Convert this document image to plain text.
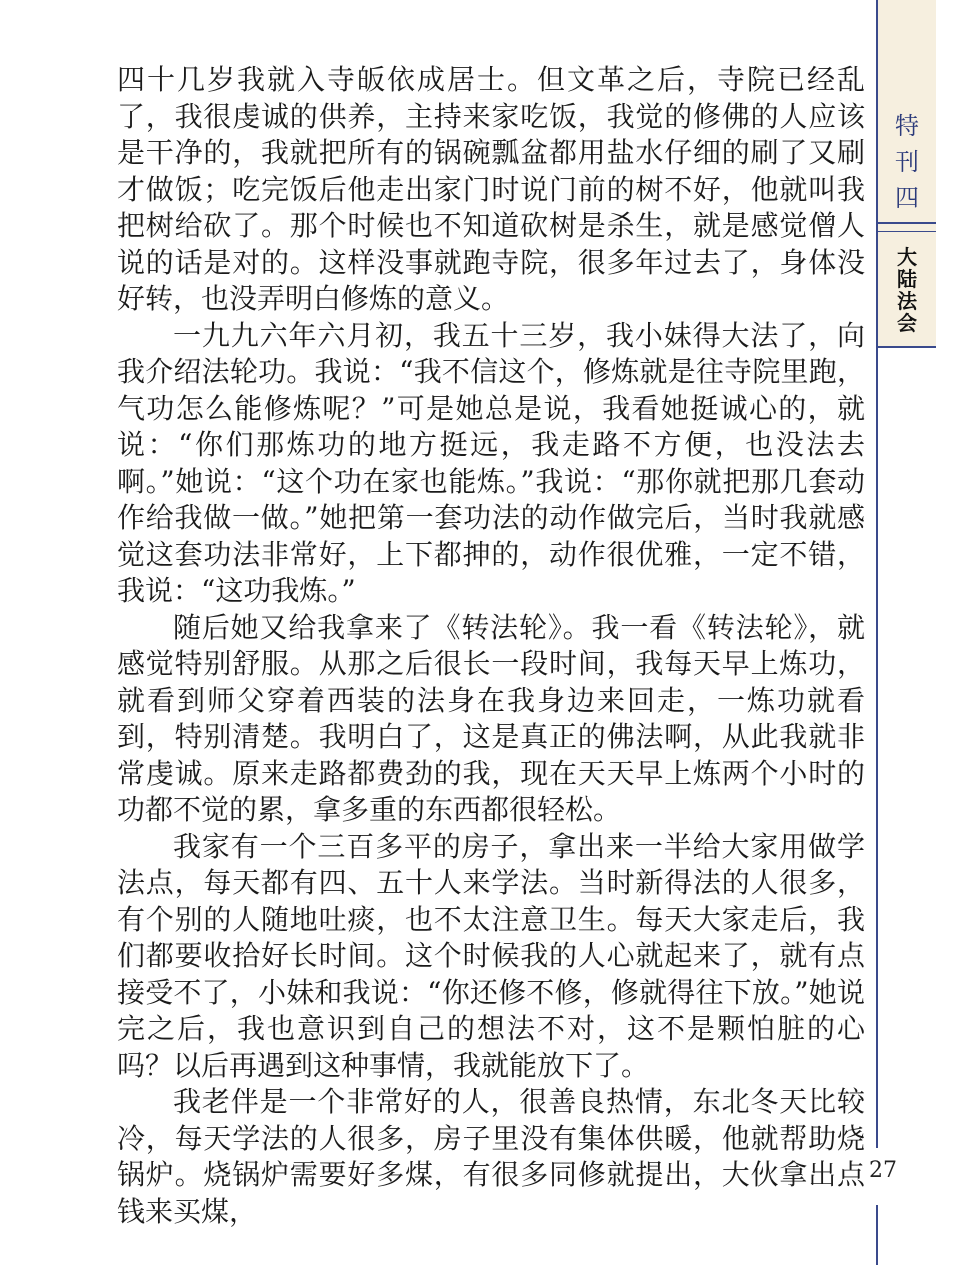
四十几岁我就入寺皈依成居士。但文革之后，寺院已经乱了，我很虔诚的供养，主持来家吃饭，我觉的修佛的人应该是干净的，我就把所有的锅碗瓢盆都用盐水仔细的刷了又刷才做饭；吃完饭后他走出家门时说门前的树不好，他就叫我把树给砍了。那个时候也不知道砍树是杀生，就是感觉僧人说的话是对的。这样没事就跑寺院，很多年过去了，身体没好转，也没弄明白修炼的意义。

一九九六年六月初，我五十三岁，我小妹得大法了，向我介绍法轮功。我说：“我不信这个，修炼就是往寺院里跑，气功怎么能修炼呢？”可是她总是说，我看她挺诚心的，就说：“你们那炼功的地方挺远，我走路不方便，也没法去啊。”她说：“这个功在家也能炼。”我说：“那你就把那几套动作给我做一做。”她把第一套功法的动作做完后，当时我就感觉这套功法非常好，上下都抻的，动作很优雅，一定不错，我说：“这功我炼。”

随后她又给我拿来了《转法轮》。我一看《转法轮》，就感觉特别舒服。从那之后很长一段时间，我每天早上炼功，就看到师父穿着西装的法身在我身边来回走，一炼功就看到，特别清楚。我明白了，这是真正的佛法啊，从此我就非常虔诚。原来走路都费劲的我，现在天天早上炼两个小时的功都不觉的累，拿多重的东西都很轻松。

我家有一个三百多平的房子，拿出来一半给大家用做学法点，每天都有四、五十人来学法。当时新得法的人很多，有个别的人随地吐痰，也不太注意卫生。每天大家走后，我们都要收拾好长时间。这个时候我的人心就起来了，就有点接受不了，小妹和我说：“你还修不修，修就得往下放。”她说完之后，我也意识到自己的想法不对，这不是颗怕脏的心吗？以后再遇到这种事情，我就能放下了。

我老伴是一个非常好的人，很善良热情，东北冬天比较冷，每天学法的人很多，房子里没有集体供暖，他就帮助烧锅炉。烧锅炉需要好多煤，有很多同修就提出，大伙拿出点钱来买煤，

特
刊
四
大
陆
法
会
27
